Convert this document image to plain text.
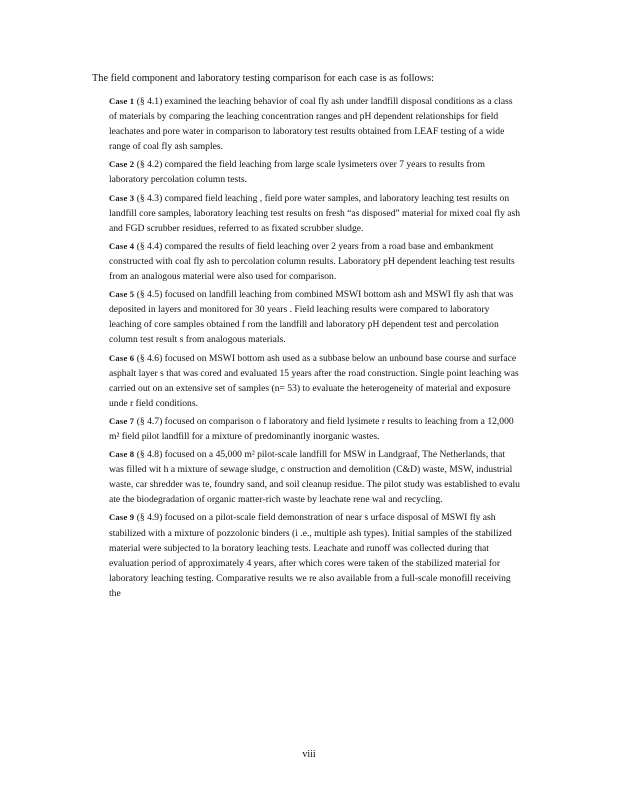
The field component and laboratory testing comparison for each case is as follows:

Case 1 (§ 4.1) examined the leaching behavior of coal fly ash under landfill disposal conditions as a class of materials by comparing the leaching concentration ranges and pH dependent relationships for field leachates and pore water in comparison to laboratory test results obtained from LEAF testing of a wide range of coal fly ash samples.

Case 2 (§ 4.2) compared the field leaching from large scale lysimeters over 7 years to results from laboratory percolation column tests.

Case 3 (§ 4.3) compared field leaching , field pore water samples, and laboratory leaching test results on landfill core samples, laboratory leaching test results on fresh “as disposed” material for mixed coal fly ash and FGD scrubber residues, referred to as fixated scrubber sludge.

Case 4 (§ 4.4) compared the results of field leaching over 2 years from a road base and embankment constructed with coal fly ash to percolation column results. Laboratory pH dependent leaching test results from an analogous material were also used for comparison.

Case 5 (§ 4.5) focused on landfill leaching from combined MSWI bottom ash and MSWI fly ash that was deposited in layers and monitored for 30 years . Field leaching results were compared to laboratory leaching of core samples obtained f rom the landfill and laboratory pH dependent test and percolation column test result s from analogous materials.

Case 6 (§ 4.6) focused on MSWI bottom ash used as a subbase below an unbound base course and surface asphalt layer s that was cored and evaluated 15 years after the road construction. Single point leaching was carried out on an extensive set of samples (n= 53) to evaluate the heterogeneity of material and exposure unde r field conditions.

Case 7 (§ 4.7) focused on comparison o f laboratory and field lysimete r results to leaching from a 12,000 m² field pilot landfill for a mixture of predominantly inorganic wastes.

Case 8 (§ 4.8) focused on a 45,000 m² pilot‑scale landfill for MSW in Landgraaf, The Netherlands, that was filled wit h a mixture of sewage sludge, c onstruction and demolition (C&D) waste, MSW, industrial waste, car shredder was te, foundry sand, and soil cleanup residue. The pilot study was established to evalu ate the biodegradation of organic matter‑rich waste by leachate rene wal and recycling.

Case 9 (§ 4.9) focused on a pilot‑scale field demonstration of near s urface disposal of MSWI fly ash stabilized with a mixture of pozzolonic binders (i .e., multiple ash types). Initial samples of the stabilized material were subjected to la boratory leaching tests. Leachate and runoff was collected during that evaluation period of approximately 4 years, after which cores were taken of the stabilized material for laboratory leaching testing. Comparative results we re also available from a full‑scale monofill receiving the

viii
